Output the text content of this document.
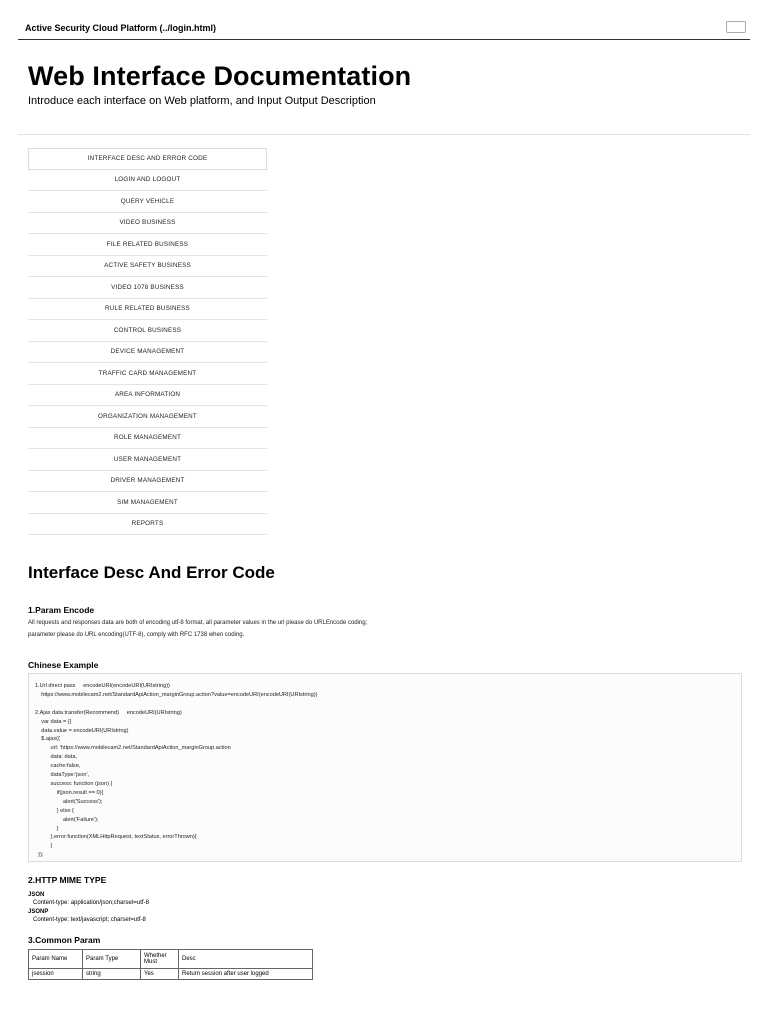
Active Security Cloud Platform (../login.html)
Web Interface Documentation

Introduce each interface on Web platform, and Input Output Description

INTERFACE DESC AND ERROR CODE
LOGIN AND LOGOUT
QUERY VEHICLE
VIDEO BUSINESS
FILE RELATED BUSINESS
ACTIVE SAFETY BUSINESS
VIDEO 1078 BUSINESS
RULE RELATED BUSINESS
CONTROL BUSINESS
DEVICE MANAGEMENT
TRAFFIC CARD MANAGEMENT
AREA INFORMATION
ORGANIZATION MANAGEMENT
ROLE MANAGEMENT
USER MANAGEMENT
DRIVER MANAGEMENT
SIM MANAGEMENT
REPORTS
Interface Desc And Error Code
1.Param Encode
All requests and responses data are both of encoding utf-8 format, all parameter values in the url please do URLEncode coding;
parameter please do URL encoding(UTF-8), comply with RFC 1738 when coding.
Chinese Example
1.Url direct pass     encodeURI(encodeURI(URIstring))
https://www.mobilecam2.net/StandardApiAction_marginGroup.action?value=encodeURI(encodeURI(URIstring))

2.Ajax data transfer(Recommend)     encodeURI(URIstring)
var data = {}
data.value = encodeURI(URIstring)
$.ajax({
url: 'https://www.mobilecam2.net/StandardApiAction_marginGroup.action
data: data,
cache:false,
dataType:'json',
success: function (json) {
if(json.result == 0){
alert('Success');
} else {
alert('Failure');
}
},error:function(XMLHttpRequest, textStatus, errorThrown){
}
});
2.HTTP MIME TYPE
JSON
Content-type: application/json;charset=utf-8
JSONP
Content-type: text/javascript; charset=utf-8
3.Common Param
Param Name	Param Type	Whether Must	Desc
jsession	string	Yes	Return session after user logged
